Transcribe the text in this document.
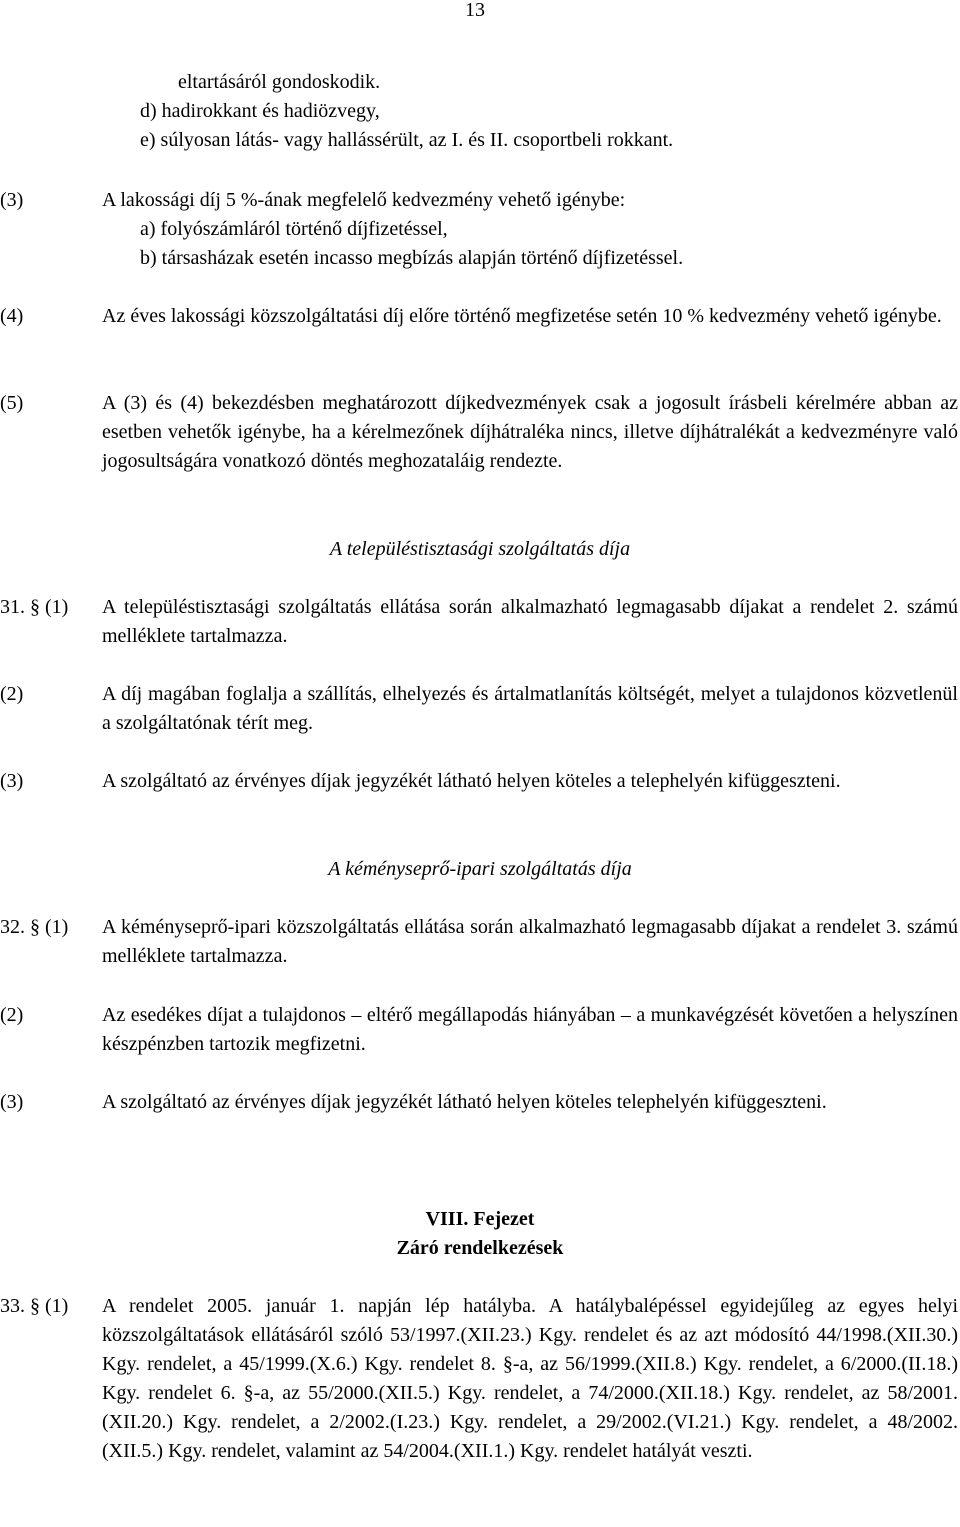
13
eltartásáról gondoskodik.
d) hadirokkant és hadiözvegy,
e) súlyosan látás- vagy hallássérült, az I. és II. csoportbeli rokkant.
(3)	A lakossági díj 5 %-ának megfelelő kedvezmény vehető igénybe:
a) folyószámláról történő díjfizetéssel,
b) társasházak esetén incasso megbízás alapján történő díjfizetéssel.
(4)	Az éves lakossági közszolgáltatási díj előre történő megfizetése setén 10 % kedvezmény vehető igénybe.
(5)	A (3) és (4) bekezdésben meghatározott díjkedvezmények csak a jogosult írásbeli kérelmére abban az esetben vehetők igénybe, ha a kérelmezőnek díjhátraléka nincs, illetve díjhátralékát a kedvezményre való jogosultságára vonatkozó döntés meghozataláig rendezte.
A településtisztasági szolgáltatás díja
31. § (1) A településtisztasági szolgáltatás ellátása során alkalmazható legmagasabb díjakat a rendelet 2. számú melléklete tartalmazza.
(2)	A díj magában foglalja a szállítás, elhelyezés és ártalmatlanítás költségét, melyet a tulajdonos közvetlenül a szolgáltatónak térít meg.
(3)	A szolgáltató az érvényes díjak jegyzékét látható helyen köteles a telephelyén kifüggeszteni.
A kéményseprő-ipari szolgáltatás díja
32. § (1) A kéményseprő-ipari közszolgáltatás ellátása során alkalmazható legmagasabb díjakat a rendelet 3. számú melléklete tartalmazza.
(2)	Az esedékes díjat a tulajdonos – eltérő megállapodás hiányában – a munkavégzését követően a helyszínen készpénzben tartozik megfizetni.
(3)	A szolgáltató az érvényes díjak jegyzékét látható helyen köteles telephelyén kifüggeszteni.
VIII. Fejezet
Záró rendelkezések
33. § (1) A rendelet 2005. január 1. napján lép hatályba. A hatálybalépéssel egyidejűleg az egyes helyi közszolgáltatások ellátásáról szóló 53/1997.(XII.23.) Kgy. rendelet és az azt módosító 44/1998.(XII.30.) Kgy. rendelet, a 45/1999.(X.6.) Kgy. rendelet 8. §-a, az 56/1999.(XII.8.) Kgy. rendelet, a 6/2000.(II.18.) Kgy. rendelet 6. §-a, az 55/2000.(XII.5.) Kgy. rendelet, a 74/2000.(XII.18.) Kgy. rendelet, az 58/2001.(XII.20.) Kgy. rendelet, a 2/2002.(I.23.) Kgy. rendelet, a 29/2002.(VI.21.) Kgy. rendelet, a 48/2002.(XII.5.) Kgy. rendelet, valamint az 54/2004.(XII.1.) Kgy. rendelet hatályát veszti.
